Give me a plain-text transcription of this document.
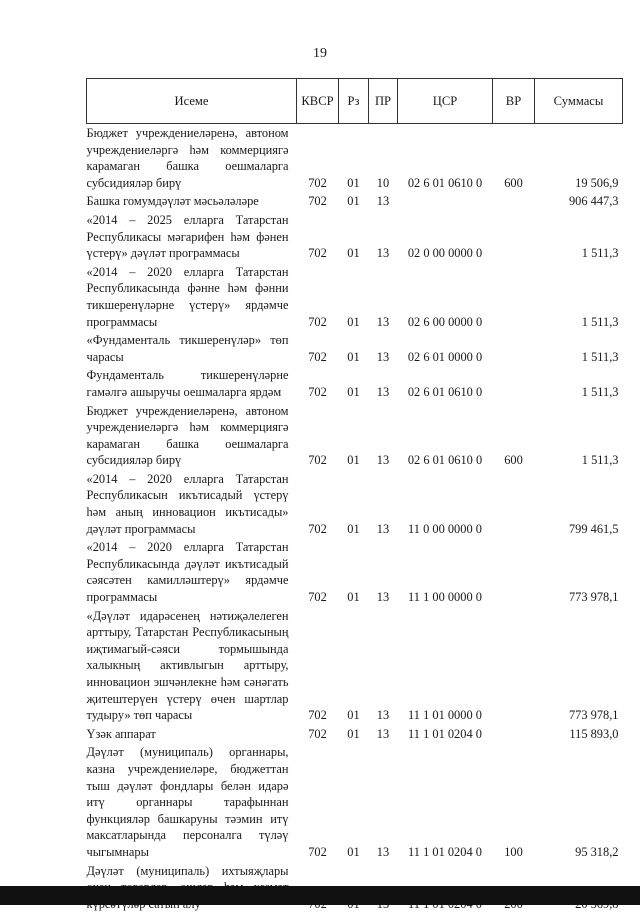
19
Исеме	КВСР	Рз	ПР	ЦСР	ВР	Суммасы
Бюджет учреждениеләренә, автоном учреждениеләргә һәм коммерциягә карамаган башка оешмаларга субсидияләр бирү	702	01	10	02 6 01 0610 0	600	19 506,9
Башка гомумдәүләт мәсьәләләре	702	01	13			906 447,3
«2014 – 2025 елларга Татарстан Республикасы мәгарифен һәм фәнен үстерү» дәүләт программасы	702	01	13	02 0 00 0000 0		1 511,3
«2014 – 2020 елларга Татарстан Республикасында фәнне һәм фәнни тикшеренүләрне үстерү» ярдәмче программасы	702	01	13	02 6 00 0000 0		1 511,3
«Фундаменталь тикшеренүләр» төп чарасы	702	01	13	02 6 01 0000 0		1 511,3
Фундаменталь тикшеренүләрне гамәлгә ашыручы оешмаларга ярдәм	702	01	13	02 6 01 0610 0		1 511,3
Бюджет учреждениеләренә, автоном учреждениеләргә һәм коммерциягә карамаган башка оешмаларга субсидияләр бирү	702	01	13	02 6 01 0610 0	600	1 511,3
«2014 – 2020 елларга Татарстан Республикасын икътисадый үстерү һәм аның инновацион икътисады» дәүләт программасы	702	01	13	11 0 00 0000 0		799 461,5
«2014 – 2020 елларга Татарстан Республикасында дәүләт икътисадый сәясәтен камилләштерү» ярдәмче программасы	702	01	13	11 1 00 0000 0		773 978,1
«Дәүләт идарәсенең нәтиҗәлелеген арттыру, Татарстан Республикасының иҗтимагый-сәяси тормышында халыкның активлыгын арттыру, инновацион эшчәнлекне һәм сәнәгать җитештерүен үстерү өчен шартлар тудыру» төп чарасы	702	01	13	11 1 01 0000 0		773 978,1
Үзәк аппарат	702	01	13	11 1 01 0204 0		115 893,0
Дәүләт (муниципаль) органнары, казна учреждениеләре, бюджеттан тыш дәүләт фондлары белән идарә итү органнары тарафыннан функцияләр башкаруны тәэмин итү максатларында персоналга түләү чыгымнары	702	01	13	11 1 01 0204 0	100	95 318,2
Дәүләт (муниципаль) ихтыяҗлары						
